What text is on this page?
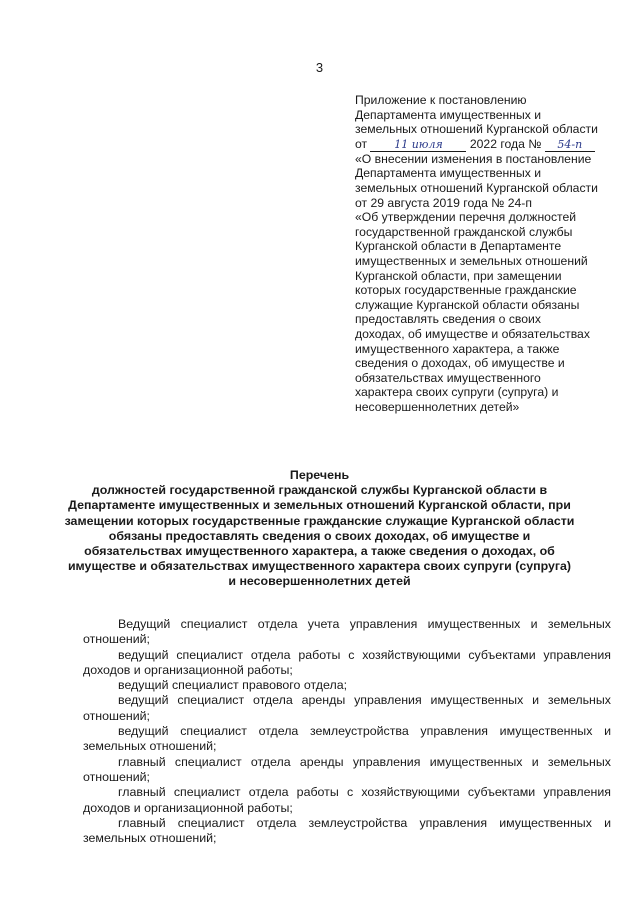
3
Приложение к постановлению
Департамента имущественных и
земельных отношений Курганской области
от 11 июля 2022 года № 54-п
«О внесении изменения в постановление
Департамента имущественных и
земельных отношений Курганской области
от 29 августа 2019 года № 24-п
«Об утверждении перечня должностей
государственной гражданской службы
Курганской области в Департаменте
имущественных и земельных отношений
Курганской области, при замещении
которых государственные гражданские
служащие Курганской области обязаны
предоставлять сведения о своих
доходах, об имуществе и обязательствах
имущественного характера, а также
сведения о доходах, об имуществе и
обязательствах имущественного
характера своих супруги (супруга) и
несовершеннолетних детей»
Перечень
должностей государственной гражданской службы Курганской области в
Департаменте имущественных и земельных отношений Курганской области, при
замещении которых государственные гражданские служащие Курганской области
обязаны предоставлять сведения о своих доходах, об имуществе и
обязательствах имущественного характера, а также сведения о доходах, об
имуществе и обязательствах имущественного характера своих супруги (супруга)
и несовершеннолетних детей
Ведущий специалист отдела учета управления имущественных и земельных отношений;
ведущий специалист отдела работы с хозяйствующими субъектами управления доходов и организационной работы;
ведущий специалист правового отдела;
ведущий специалист отдела аренды управления имущественных и земельных отношений;
ведущий специалист отдела землеустройства управления имущественных и земельных отношений;
главный специалист отдела аренды управления имущественных и земельных отношений;
главный специалист отдела работы с хозяйствующими субъектами управления доходов и организационной работы;
главный специалист отдела землеустройства управления имущественных и земельных отношений;
